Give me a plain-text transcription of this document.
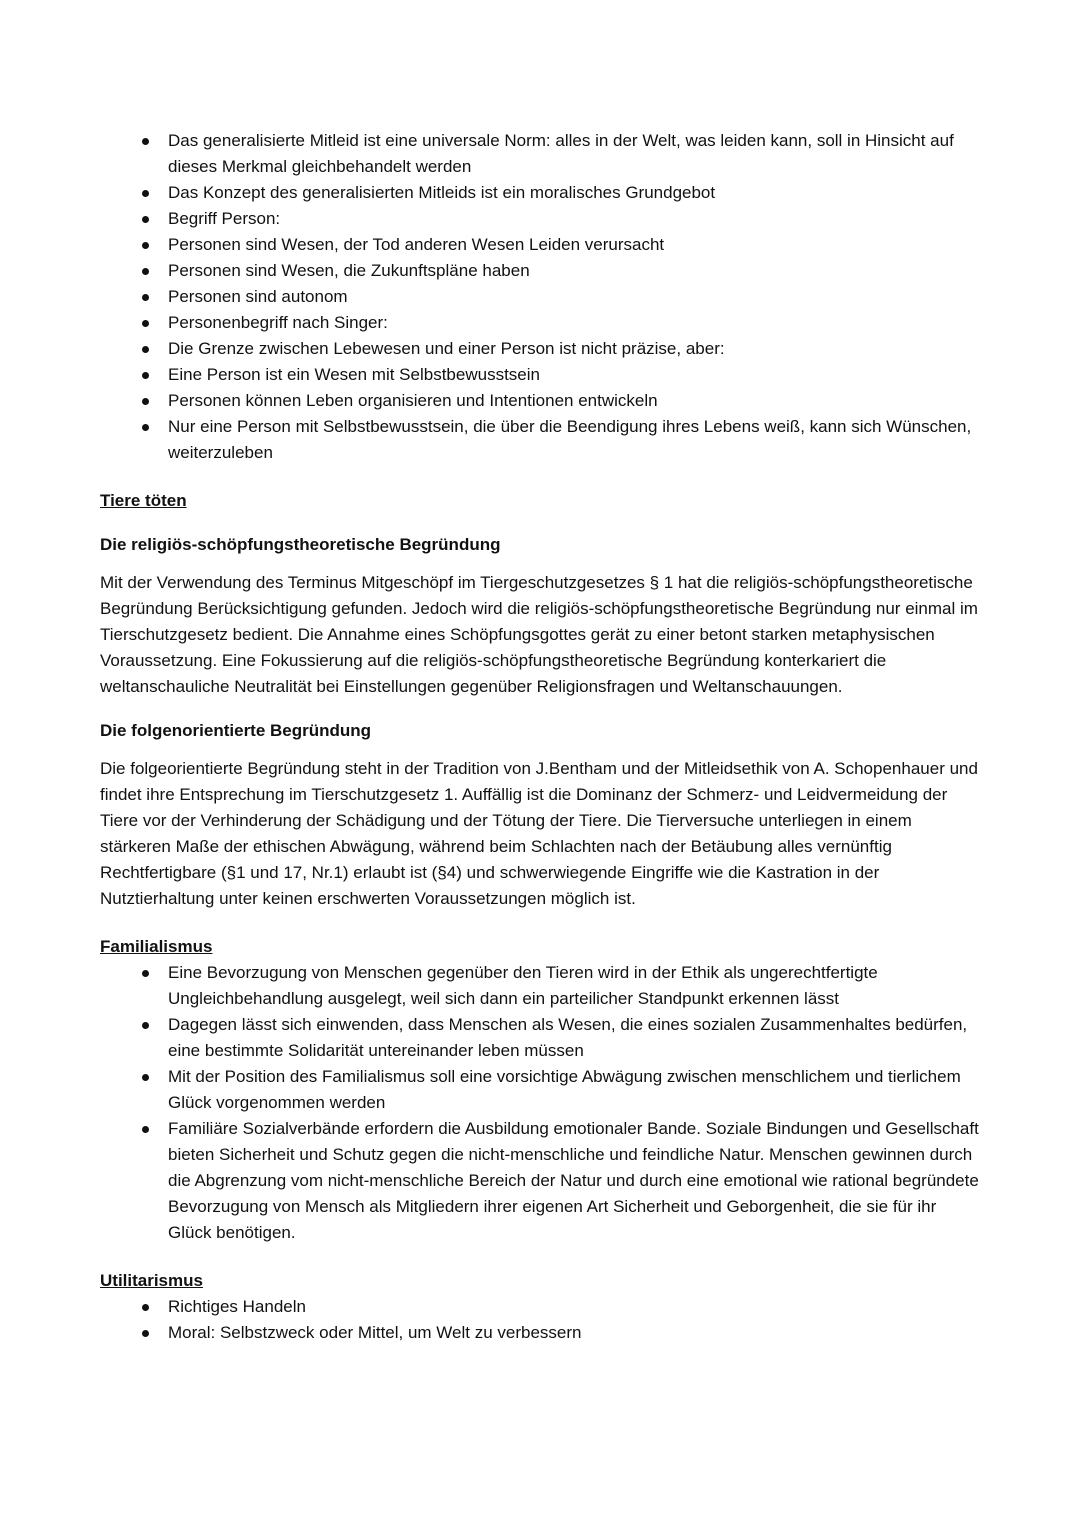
Das generalisierte Mitleid ist eine universale Norm: alles in der Welt, was leiden kann, soll in Hinsicht auf dieses Merkmal gleichbehandelt werden
Das Konzept des generalisierten Mitleids ist ein moralisches Grundgebot
Begriff Person:
Personen sind Wesen, der Tod anderen Wesen Leiden verursacht
Personen sind Wesen, die Zukunftspläne haben
Personen sind autonom
Personenbegriff nach Singer:
Die Grenze zwischen Lebewesen und einer Person ist nicht präzise, aber:
Eine Person ist ein Wesen mit Selbstbewusstsein
Personen können Leben organisieren und Intentionen entwickeln
Nur eine Person mit Selbstbewusstsein, die über die Beendigung ihres Lebens weiß, kann sich Wünschen, weiterzuleben
Tiere töten
Die religiös-schöpfungstheoretische Begründung

Mit der Verwendung des Terminus Mitgeschöpf im Tiergeschutzgesetzes § 1 hat die religiös-schöpfungstheoretische Begründung Berücksichtigung gefunden. Jedoch wird die religiös-schöpfungstheoretische Begründung nur einmal im Tierschutzgesetz bedient. Die Annahme eines Schöpfungsgottes gerät zu einer betont starken metaphysischen Voraussetzung. Eine Fokussierung auf die religiös-schöpfungstheoretische Begründung konterkariert die weltanschauliche Neutralität bei Einstellungen gegenüber Religionsfragen und Weltanschauungen.

Die folgenorientierte Begründung

Die folgeorientierte Begründung steht in der Tradition von J.Bentham und der Mitleidsethik von A. Schopenhauer und findet ihre Entsprechung im Tierschutzgesetz 1. Auffällig ist die Dominanz der Schmerz- und Leidvermeidung der Tiere vor der Verhinderung der Schädigung und der Tötung der Tiere. Die Tierversuche unterliegen in einem stärkeren Maße der ethischen Abwägung, während beim Schlachten nach der Betäubung alles vernünftig Rechtfertigbare (§1 und 17, Nr.1) erlaubt ist (§4) und schwerwiegende Eingriffe wie die Kastration in der Nutztierhaltung unter keinen erschwerten Voraussetzungen möglich ist.

Familialismus
Eine Bevorzugung von Menschen gegenüber den Tieren wird in der Ethik als ungerechtfertigte Ungleichbehandlung ausgelegt, weil sich dann ein parteilicher Standpunkt erkennen lässt
Dagegen lässt sich einwenden, dass Menschen als Wesen, die eines sozialen Zusammenhaltes bedürfen, eine bestimmte Solidarität untereinander leben müssen
Mit der Position des Familialismus soll eine vorsichtige Abwägung zwischen menschlichem und tierlichem Glück vorgenommen werden
Familiäre Sozialverbände erfordern die Ausbildung emotionaler Bande. Soziale Bindungen und Gesellschaft bieten Sicherheit und Schutz gegen die nicht-menschliche und feindliche Natur. Menschen gewinnen durch die Abgrenzung vom nicht-menschliche Bereich der Natur und durch eine emotional wie rational begründete Bevorzugung von Mensch als Mitgliedern ihrer eigenen Art Sicherheit und Geborgenheit, die sie für ihr Glück benötigen.
Utilitarismus
Richtiges Handeln
Moral: Selbstzweck oder Mittel, um Welt zu verbessern
